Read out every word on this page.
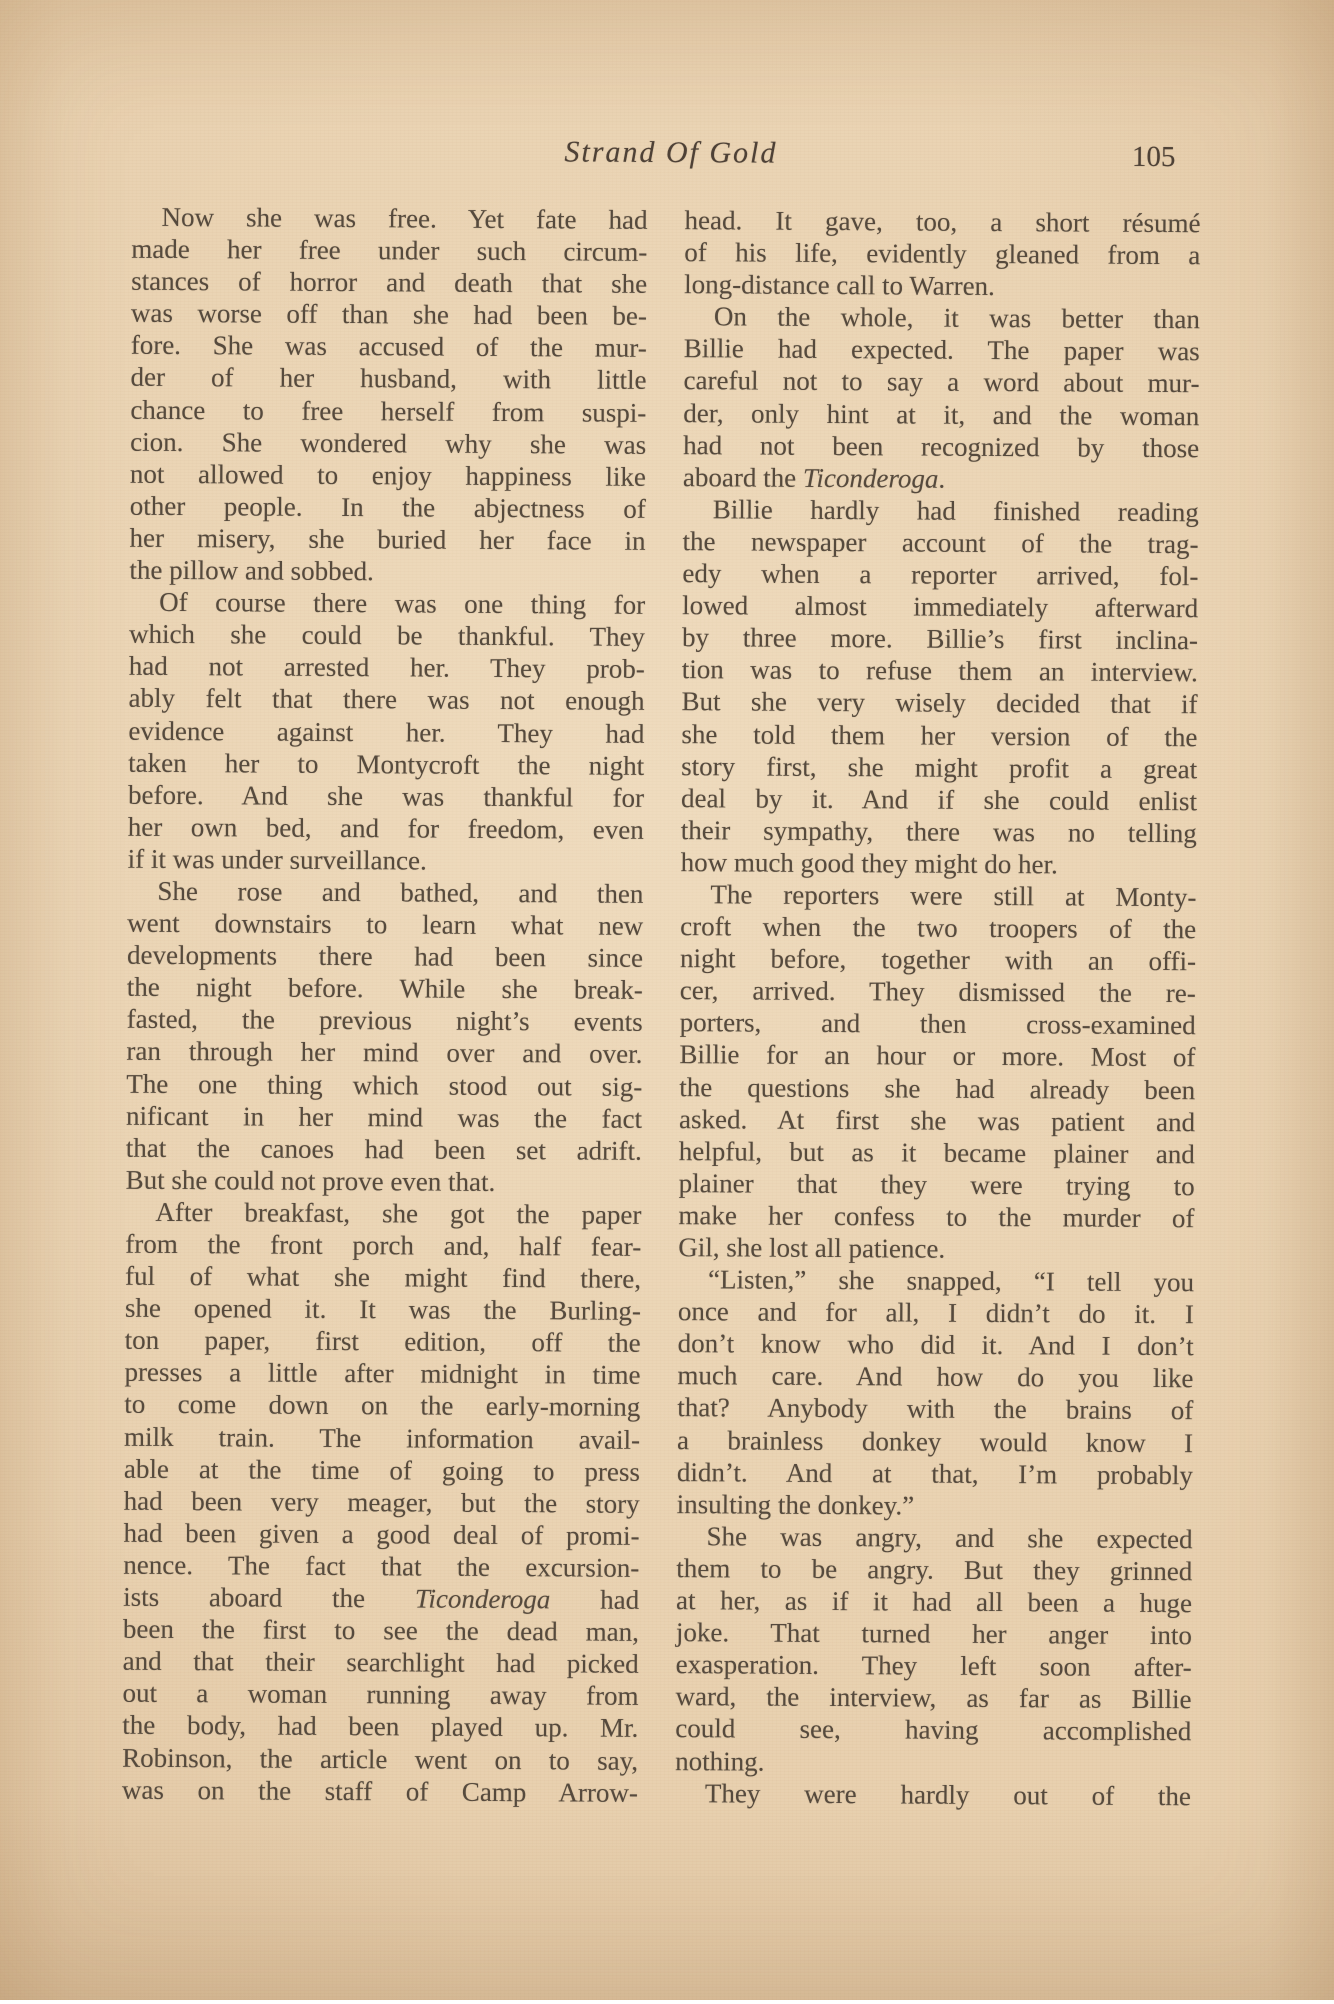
Strand Of Gold	105
Now she was free. Yet fate had
made her free under such circum-
stances of horror and death that she
was worse off than she had been be-
fore. She was accused of the mur-
der of her husband, with little
chance to free herself from suspi-
cion. She wondered why she was
not allowed to enjoy happiness like
other people. In the abjectness of
her misery, she buried her face in
the pillow and sobbed.
Of course there was one thing for
which she could be thankful. They
had not arrested her. They prob-
ably felt that there was not enough
evidence against her. They had
taken her to Montycroft the night
before. And she was thankful for
her own bed, and for freedom, even
if it was under surveillance.
She rose and bathed, and then
went downstairs to learn what new
developments there had been since
the night before. While she break-
fasted, the previous night’s events
ran through her mind over and over.
The one thing which stood out sig-
nificant in her mind was the fact
that the canoes had been set adrift.
But she could not prove even that.
After breakfast, she got the paper
from the front porch and, half fear-
ful of what she might find there,
she opened it. It was the Burling-
ton paper, first edition, off the
presses a little after midnight in time
to come down on the early-morning
milk train. The information avail-
able at the time of going to press
had been very meager, but the story
had been given a good deal of promi-
nence. The fact that the excursion-
ists aboard the Ticonderoga had
been the first to see the dead man,
and that their searchlight had picked
out a woman running away from
the body, had been played up. Mr.
Robinson, the article went on to say,
was on the staff of Camp Arrow-
head. It gave, too, a short résumé
of his life, evidently gleaned from a
long-distance call to Warren.
On the whole, it was better than
Billie had expected. The paper was
careful not to say a word about mur-
der, only hint at it, and the woman
had not been recognized by those
aboard the Ticonderoga.
Billie hardly had finished reading
the newspaper account of the trag-
edy when a reporter arrived, fol-
lowed almost immediately afterward
by three more. Billie’s first inclina-
tion was to refuse them an interview.
But she very wisely decided that if
she told them her version of the
story first, she might profit a great
deal by it. And if she could enlist
their sympathy, there was no telling
how much good they might do her.
The reporters were still at Monty-
croft when the two troopers of the
night before, together with an offi-
cer, arrived. They dismissed the re-
porters, and then cross-examined
Billie for an hour or more. Most of
the questions she had already been
asked. At first she was patient and
helpful, but as it became plainer and
plainer that they were trying to
make her confess to the murder of
Gil, she lost all patience.
“Listen,” she snapped, “I tell you
once and for all, I didn’t do it. I
don’t know who did it. And I don’t
much care. And how do you like
that? Anybody with the brains of
a brainless donkey would know I
didn’t. And at that, I’m probably
insulting the donkey.”
She was angry, and she expected
them to be angry. But they grinned
at her, as if it had all been a huge
joke. That turned her anger into
exasperation. They left soon after-
ward, the interview, as far as Billie
could see, having accomplished
nothing.
They were hardly out of the
